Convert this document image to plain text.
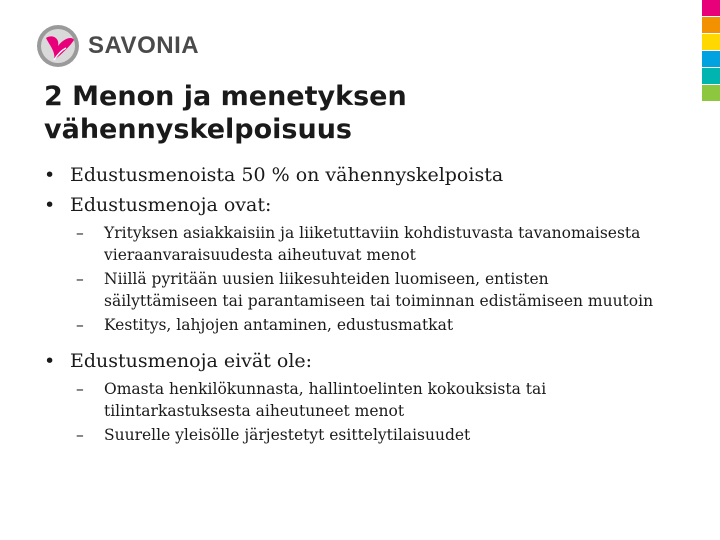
SAVONIA
2 Menon ja menetyksen vähennyskelpoisuus
• Edustusmenoista 50 % on vähennyskelpoista
• Edustusmenoja ovat:
– Yrityksen asiakkaisiin ja liiketuttaviin kohdistuvasta tavanomaisesta vieraanvaraisuudesta aiheutuvat menot
– Niillä pyritään uusien liikesuhteiden luomiseen, entisten säilyttämiseen tai parantamiseen tai toiminnan edistämiseen muutoin
– Kestitys, lahjojen antaminen, edustusmatkat
• Edustusmenoja eivät ole:
– Omasta henkilökunnasta, hallintoelinten kokouksista tai tilintarkastuksesta aiheutuneet menot
– Suurelle yleisölle järjestetyt esittelytilaisuudet
